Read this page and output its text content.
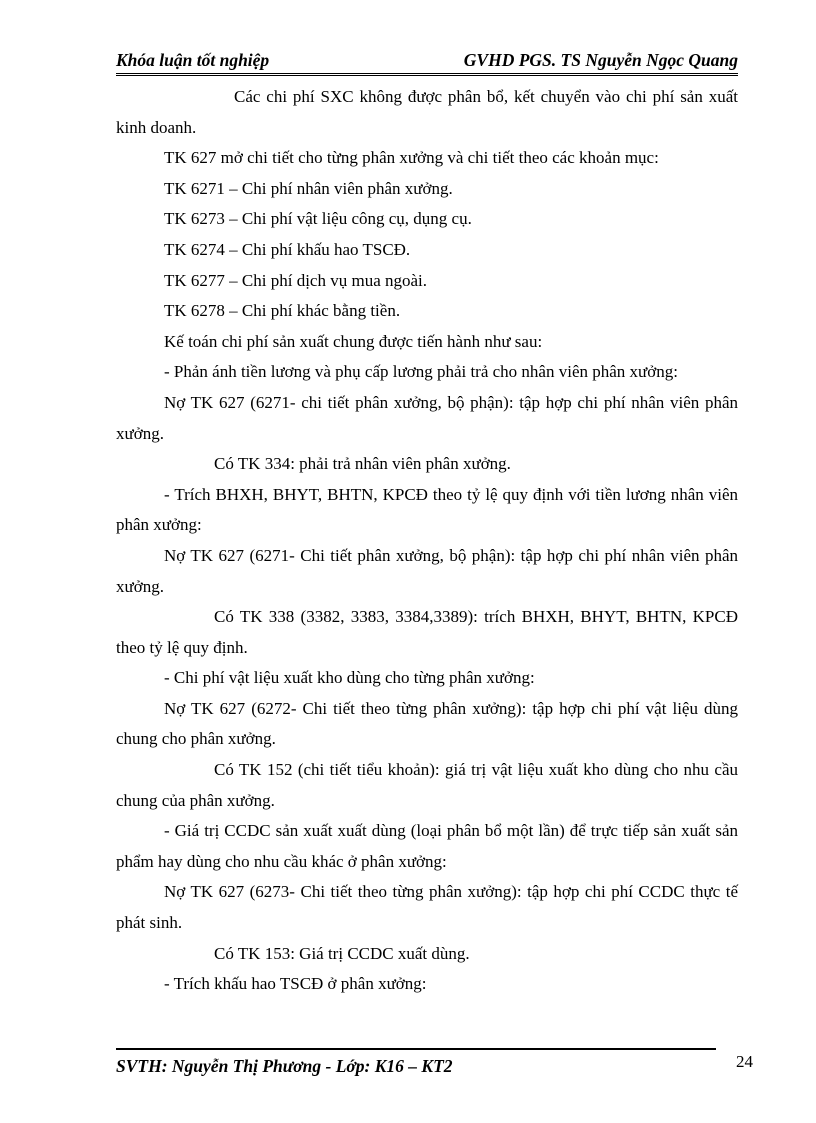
Khóa luận tốt nghiệp	GVHD PGS. TS Nguyễn Ngọc Quang

Các chi phí SXC không được phân bổ, kết chuyển vào chi phí sản xuất kinh doanh.

TK 627 mở chi tiết cho từng phân xưởng và chi tiết theo các khoản mục:

TK 6271 – Chi phí nhân viên phân xưởng.

TK 6273 – Chi phí vật liệu công cụ, dụng cụ.

TK 6274 – Chi phí khấu hao TSCĐ.

TK 6277 – Chi phí dịch vụ mua ngoài.

TK 6278 – Chi phí khác bằng tiền.

Kế toán chi phí sản xuất chung được tiến hành như sau:

- Phản ánh tiền lương và phụ cấp lương phải trả cho nhân viên phân xưởng:

Nợ TK 627 (6271- chi tiết phân xưởng, bộ phận): tập hợp chi phí nhân viên phân xưởng.

Có TK 334: phải trả nhân viên phân xưởng.

- Trích BHXH, BHYT, BHTN, KPCĐ theo tỷ lệ quy định với tiền lương nhân viên phân xưởng:

Nợ TK 627 (6271- Chi tiết phân xưởng, bộ phận): tập hợp chi phí nhân viên phân xưởng.

Có TK 338 (3382, 3383, 3384,3389): trích BHXH, BHYT, BHTN, KPCĐ theo tỷ lệ quy định.

- Chi phí vật liệu xuất kho dùng cho từng phân xưởng:

Nợ TK 627 (6272- Chi tiết theo từng phân xưởng): tập hợp chi phí vật liệu dùng chung cho phân xưởng.

Có TK 152 (chi tiết tiểu khoản): giá trị vật liệu xuất kho dùng cho nhu cầu chung của phân xưởng.

- Giá trị CCDC sản xuất xuất dùng (loại phân bổ một lần) để trực tiếp sản xuất sản phẩm hay dùng cho nhu cầu khác ở phân xưởng:

Nợ TK 627 (6273- Chi tiết theo từng phân xưởng): tập hợp chi phí CCDC thực tế phát sinh.

Có TK 153: Giá trị CCDC xuất dùng.

- Trích khấu hao TSCĐ ở phân xưởng:

SVTH: Nguyễn Thị Phương - Lớp: K16 – KT2	24
